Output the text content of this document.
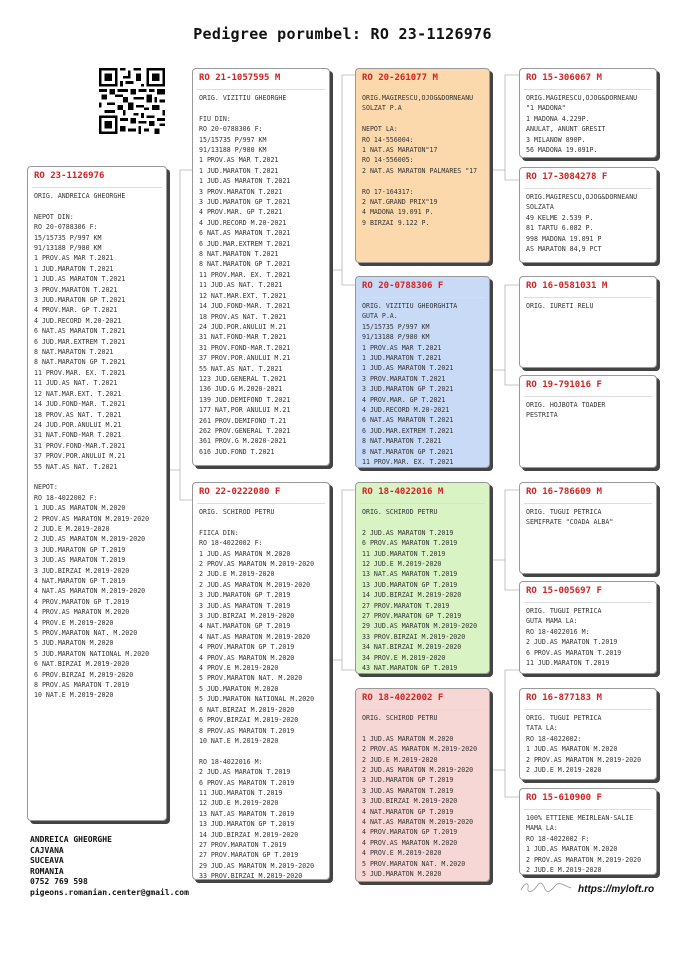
Pedigree porumbel: RO 23-1126976
RO 23-1126976
ORIG. ANDREICA GHEORGHE
NEPOT DIN:
RO 20-0788306 F:
15/15735 P/997 KM
91/13188 P/980 KM
1 PROV.AS MAR T.2021
1 JUD.MARATON T.2021
1 JUD.AS MARATON T.2021
3 PROV.MARATON T.2021
3 JUD.MARATON GP T.2021
4 PROV.MAR. GP T.2021
4 JUD.RECORD M.20-2021
6 NAT.AS MARATON T.2021
6 JUD.MAR.EXTREM T.2021
8 NAT.MARATON T.2021
8 NAT.MARATON GP T.2021
11 PROV.MAR. EX. T.2021
11 JUD.AS NAT. T.2021
12 NAT.MAR.EXT. T.2021
14 JUD.FOND-MAR. T.2021
18 PROV.AS NAT. T.2021
24 JUD.POR.ANULUI M.21
31 NAT.FOND-MAR T.2021
31 PROV.FOND-MAR.T.2021
37 PROV.POR.ANULUI M.21
55 NAT.AS NAT. T.2021
NEPOT:
RO 18-4022002 F:
1 JUD.AS MARATON M.2020
2 PROV.AS MARATON M.2019-2020
2 JUD.E M.2019-2020
2 JUD.AS MARATON M.2019-2020
3 JUD.MARATON GP T.2019
3 JUD.AS MARATON T.2019
3 JUD.BIRZAI M.2019-2020
4 NAT.MARATON GP T.2019
4 NAT.AS MARATON M.2019-2020
4 PROV.MARATON GP T.2019
4 PROV.AS MARATON M.2020
4 PROV.E M.2019-2020
5 PROV.MARATON NAT. M.2020
5 JUD.MARATON M.2020
5 JUD.MARATON NATIONAL M.2020
6 NAT.BIRZAI M.2019-2020
6 PROV.BIRZAI M.2019-2020
8 PROV.AS MARATON T.2019
10 NAT.E M.2019-2020
RO 21-1057595 M
ORIG. VIZITIU GHEORGHE
FIU DIN:
RO 20-0788306 F:
15/15735 P/997 KM
91/13188 P/980 KM
1 PROV.AS MAR T.2021
1 JUD.MARATON T.2021
1 JUD.AS MARATON T.2021
3 PROV.MARATON T.2021
3 JUD.MARATON GP T.2021
4 PROV.MAR. GP T.2021
4 JUD.RECORD M.20-2021
6 NAT.AS MARATON T.2021
6 JUD.MAR.EXTREM T.2021
8 NAT.MARATON T.2021
8 NAT.MARATON GP T.2021
11 PROV.MAR. EX. T.2021
11 JUD.AS NAT. T.2021
12 NAT.MAR.EXT. T.2021
14 JUD.FOND-MAR. T.2021
18 PROV.AS NAT. T.2021
24 JUD.POR.ANULUI M.21
31 NAT.FOND-MAR T.2021
31 PROV.FOND-MAR.T.2021
37 PROV.POR.ANULUI M.21
55 NAT.AS NAT. T.2021
123 JUD.GENERAL T.2021
136 JUD.G M.2020-2021
139 JUD.DEMIFOND T.2021
177 NAT.POR ANULUI M.21
261 PROV.DEMIFOND T.21
262 PROV.GENERAL T.2021
361 PROV.G M.2020-2021
616 JUD.FOND T.2021
RO 22-0222080 F
ORIG. SCHIROD PETRU
FIICA DIN:
RO 18-4022002 F:
1 JUD.AS MARATON M.2020
2 PROV.AS MARATON M.2019-2020
2 JUD.E M.2019-2020
2 JUD.AS MARATON M.2019-2020
3 JUD.MARATON GP T.2019
3 JUD.AS MARATON T.2019
3 JUD.BIRZAI M.2019-2020
4 NAT.MARATON GP T.2019
4 NAT.AS MARATON M.2019-2020
4 PROV.MARATON GP T.2019
4 PROV.AS MARATON M.2020
4 PROV.E M.2019-2020
5 PROV.MARATON NAT. M.2020
5 JUD.MARATON M.2020
5 JUD.MARATON NATIONAL M.2020
6 NAT.BIRZAI M.2019-2020
6 PROV.BIRZAI M.2019-2020
8 PROV.AS MARATON T.2019
10 NAT.E M.2019-2020
RO 18-4022016 M:
2 JUD.AS MARATON T.2019
6 PROV.AS MARATON T.2019
11 JUD.MARATON T.2019
12 JUD.E M.2019-2020
13 NAT.AS MARATON T.2019
13 JUD.MARATON GP T.2019
14 JUD.BIRZAI M.2019-2020
27 PROV.MARATON T.2019
27 PROV.MARATON GP T.2019
29 JUD.AS MARATON M.2019-2020
33 PROV.BIRZAI M.2019-2020
RO 20-261077 M
ORIG.MAGIRESCU,OJOG&DORNEANU
SOLZAT P.A
NEPOT LA:
RO 14-556004:
1 NAT.AS MARATON"17
RO 14-556005:
2 NAT.AS MARATON PALMARES "17
RO 17-164317:
2 NAT.GRAND PRIX"19
4 MADONA 19.091 P.
9 BIRZAI 9.122 P.
RO 20-0788306 F
ORIG. VIZITIU GHEORGHITA
GUTA P.A.
15/15735 P/997 KM
91/13188 P/980 KM
1 PROV.AS MAR T.2021
1 JUD.MARATON T.2021
1 JUD.AS MARATON T.2021
3 PROV.MARATON T.2021
3 JUD.MARATON GP T.2021
4 PROV.MAR. GP T.2021
4 JUD.RECORD M.20-2021
6 NAT.AS MARATON T.2021
6 JUD.MAR.EXTREM T.2021
8 NAT.MARATON T.2021
8 NAT.MARATON GP T.2021
11 PROV.MAR. EX. T.2021
RO 18-4022016 M
ORIG. SCHIROD PETRU
2 JUD.AS MARATON T.2019
6 PROV.AS MARATON T.2019
11 JUD.MARATON T.2019
12 JUD.E M.2019-2020
13 NAT.AS MARATON T.2019
13 JUD.MARATON GP T.2019
14 JUD.BIRZAI M.2019-2020
27 PROV.MARATON T.2019
27 PROV.MARATON GP T.2019
29 JUD.AS MARATON M.2019-2020
33 PROV.BIRZAI M.2019-2020
34 NAT.BIRZAI M.2019-2020
34 PROV.E M.2019-2020
43 NAT.MARATON GP T.2019
RO 18-4022002 F
ORIG. SCHIROD PETRU
1 JUD.AS MARATON M.2020
2 PROV.AS MARATON M.2019-2020
2 JUD.E M.2019-2020
2 JUD.AS MARATON M.2019-2020
3 JUD.MARATON GP T.2019
3 JUD.AS MARATON T.2019
3 JUD.BIRZAI M.2019-2020
4 NAT.MARATON GP T.2019
4 NAT.AS MARATON M.2019-2020
4 PROV.MARATON GP T.2019
4 PROV.AS MARATON M.2020
4 PROV.E M.2019-2020
5 PROV.MARATON NAT. M.2020
5 JUD.MARATON M.2020
RO 15-306067 M
ORIG.MAGIRESCU,OJOG&DORNEANU
"1 MADONA"
1 MADONA 4.229P.
ANULAT, ANUNT GRESIT
3 MILANOW 890P.
56 MADONA 19.091P.
RO 17-3084278 F
ORIG.MAGIRESCU,OJOG&DORNEANU
SOLZATA
49 KELME 2.539 P.
81 TARTU 6.082 P.
998 MADONA 19.091 P
AS MARATON 84,9 PCT
RO 16-0581031 M
ORIG. IURETI RELU
RO 19-791016 F
ORIG. HOJBOTA TOADER
PESTRITA
RO 16-786609 M
ORIG. TUGUI PETRICA
SEMIFRATE "COADA ALBA"
RO 15-005697 F
ORIG. TUGUI PETRICA
GUTA MAMA LA:
RO 18-4022016 M:
2 JUD.AS MARATON T.2019
6 PROV.AS MARATON T.2019
11 JUD.MARATON T.2019
RO 16-877183 M
ORIG. TUGUI PETRICA
TATA LA:
RO 18-4022002:
1 JUD.AS MARATON M.2020
2 PROV.AS MARATON M.2019-2020
2 JUD.E M.2019-2020
RO 15-610900 F
100% ETTIENE MEIRLEAN-SALIE
MAMA LA:
RO 18-4022002 F:
1 JUD.AS MARATON M.2020
2 PROV.AS MARATON M.2019-2020
2 JUD.E M.2019-2020
ANDREICA GHEORGHE
CAJVANA
SUCEAVA
ROMANIA
0752 769 598
pigeons.romanian.center@gmail.com	https://myloft.ro
